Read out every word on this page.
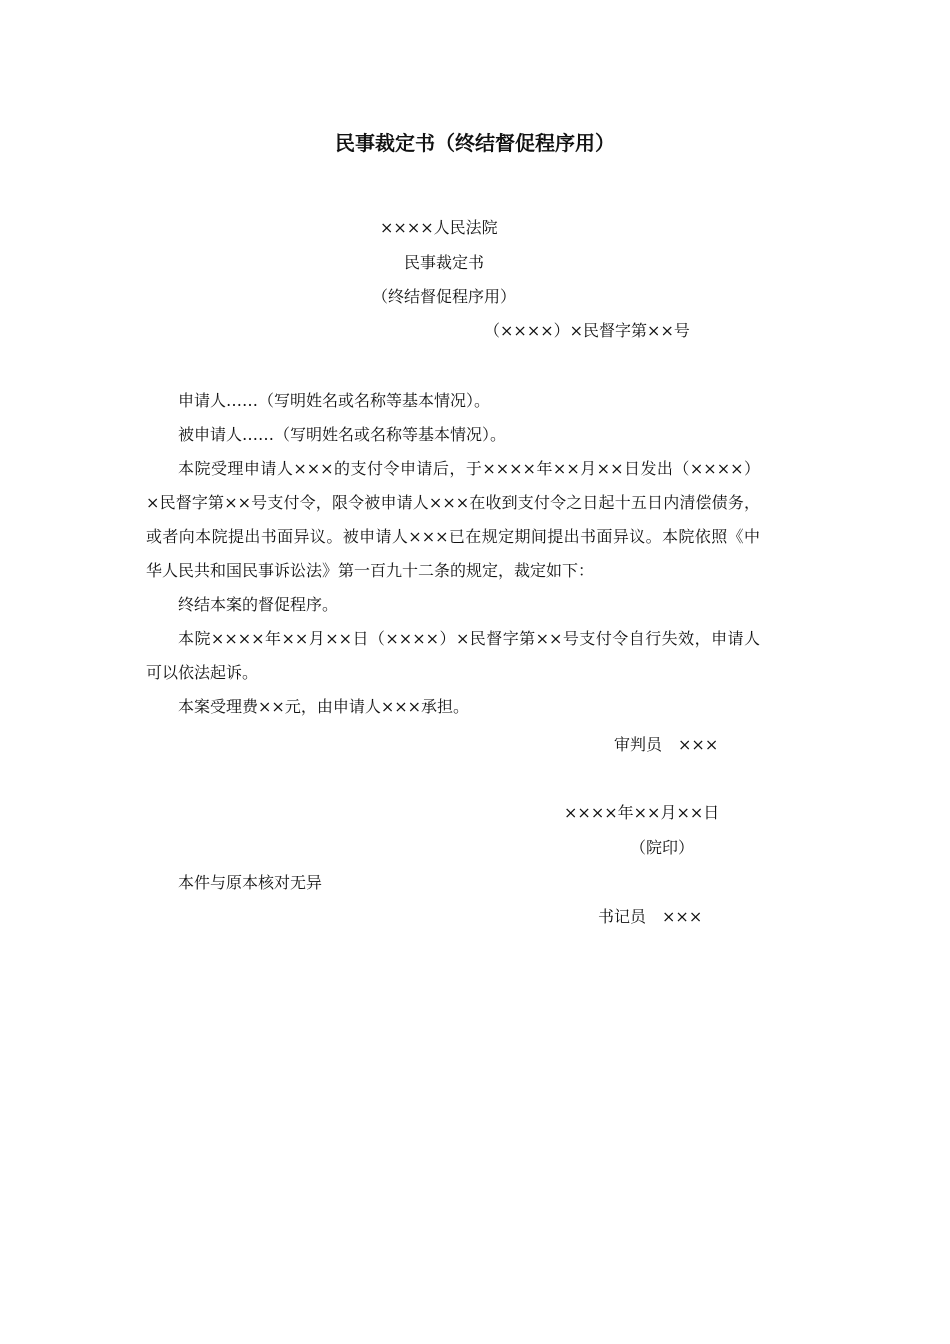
民事裁定书（终结督促程序用）
××××人民法院
民事裁定书
（终结督促程序用）
（××××）×民督字第××号
申请人……（写明姓名或名称等基本情况）。
被申请人……（写明姓名或名称等基本情况）。
本院受理申请人×××的支付令申请后，于××××年××月××日发出（××××）×民督字第××号支付令，限令被申请人×××在收到支付令之日起十五日内清偿债务，或者向本院提出书面异议。被申请人×××已在规定期间提出书面异议。本院依照《中华人民共和国民事诉讼法》第一百九十二条的规定，裁定如下：
终结本案的督促程序。
本院××××年××月××日（××××）×民督字第××号支付令自行失效，申请人可以依法起诉。
本案受理费××元，由申请人×××承担。
审判员　×××
××××年××月××日
（院印）
本件与原本核对无异
书记员　×××
